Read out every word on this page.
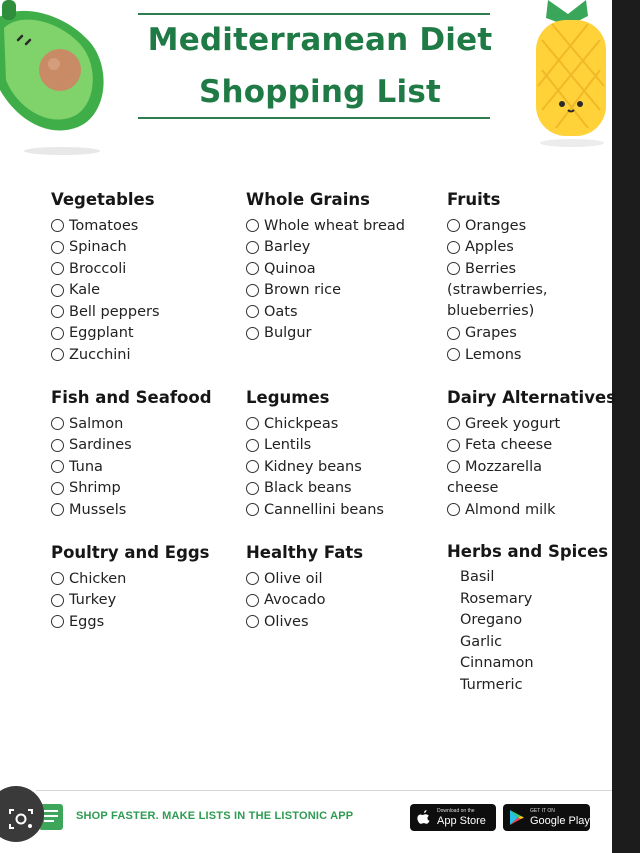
Mediterranean Diet
Shopping List
Vegetables
Tomatoes
Spinach
Broccoli
Kale
Bell peppers
Eggplant
Zucchini
Whole Grains
Whole wheat bread
Barley
Quinoa
Brown rice
Oats
Bulgur
Fruits
Oranges
Apples
Berries
(strawberries,
blueberries)
Grapes
Lemons
Fish and Seafood
Salmon
Sardines
Tuna
Shrimp
Mussels
Legumes
Chickpeas
Lentils
Kidney beans
Black beans
Cannellini beans
Dairy Alternatives
Greek yogurt
Feta cheese
Mozzarella
cheese
Almond milk
Poultry and Eggs
Chicken
Turkey
Eggs
Healthy Fats
Olive oil
Avocado
Olives
Herbs and Spices
Basil
Rosemary
Oregano
Garlic
Cinnamon
Turmeric
SHOP FASTER. MAKE LISTS IN THE LISTONIC APP	Download on the
App Store
GET IT ON
Google Play
